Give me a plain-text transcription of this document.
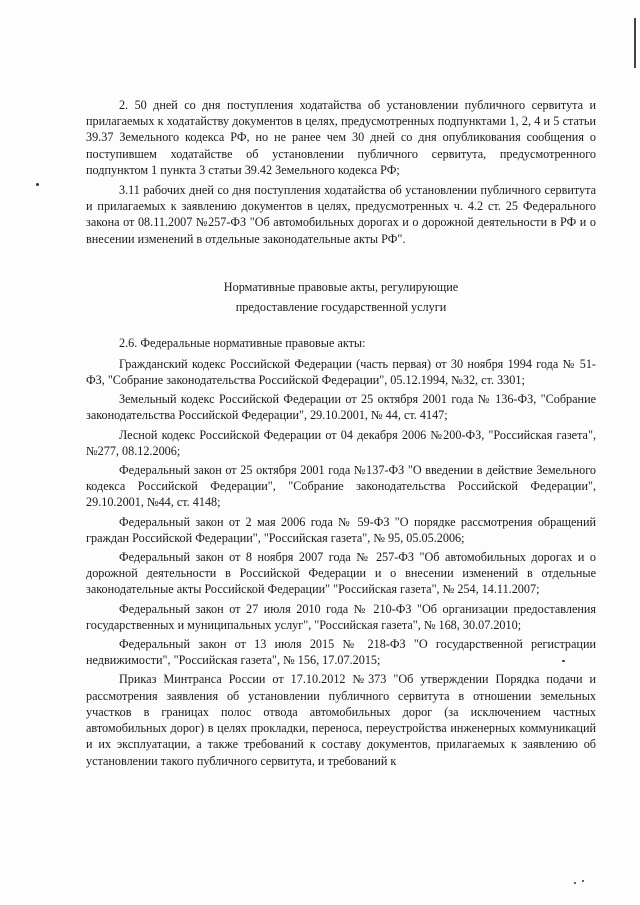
2. 50 дней со дня поступления ходатайства об установлении публичного сервитута и прилагаемых к ходатайству документов в целях, предусмотренных подпунктами 1, 2, 4 и 5 статьи 39.37 Земельного кодекса РФ, но не ранее чем 30 дней со дня опубликования сообщения о поступившем ходатайстве об установлении публичного сервитута, предусмотренного подпунктом 1 пункта 3 статьи 39.42 Земельного кодекса РФ;

3.11 рабочих дней со дня поступления ходатайства об установлении публичного сервитута и прилагаемых к заявлению документов в целях, предусмотренных ч. 4.2 ст. 25 Федерального закона от 08.11.2007 №257-ФЗ "Об автомобильных дорогах и о дорожной деятельности в РФ и о внесении изменений в отдельные законодательные акты РФ".

Нормативные правовые акты, регулирующие
предоставление государственной услуги

2.6. Федеральные нормативные правовые акты:

Гражданский кодекс Российской Федерации (часть первая) от 30 ноября 1994 года № 51-ФЗ, "Собрание законодательства Российской Федерации", 05.12.1994, №32, ст. 3301;

Земельный кодекс Российской Федерации от 25 октября 2001 года № 136-ФЗ, "Собрание законодательства Российской Федерации", 29.10.2001, № 44, ст. 4147;

Лесной кодекс Российской Федерации от 04 декабря 2006 №200-ФЗ, "Российская газета", №277, 08.12.2006;

Федеральный закон от 25 октября 2001 года №137-ФЗ "О введении в действие Земельного кодекса Российской Федерации", "Собрание законодательства Российской Федерации", 29.10.2001, №44, ст. 4148;

Федеральный закон от 2 мая 2006 года № 59-ФЗ "О порядке рассмотрения обращений граждан Российской Федерации", "Российская газета", № 95, 05.05.2006;

Федеральный закон от 8 ноября 2007 года № 257-ФЗ "Об автомобильных дорогах и о дорожной деятельности в Российской Федерации и о внесении изменений в отдельные законодательные акты Российской Федерации" "Российская газета", № 254, 14.11.2007;

Федеральный закон от 27 июля 2010 года № 210-ФЗ "Об организации предоставления государственных и муниципальных услуг", "Российская газета", № 168, 30.07.2010;

Федеральный закон от 13 июля 2015 № 218-ФЗ "О государственной регистрации недвижимости", "Российская газета", № 156, 17.07.2015;

Приказ Минтранса России от 17.10.2012 №373 "Об утверждении Порядка подачи и рассмотрения заявления об установлении публичного сервитута в отношении земельных участков в границах полос отвода автомобильных дорог (за исключением частных автомобильных дорог) в целях прокладки, переноса, переустройства инженерных коммуникаций и их эксплуатации, а также требований к составу документов, прилагаемых к заявлению об установлении такого публичного сервитута, и требований к
